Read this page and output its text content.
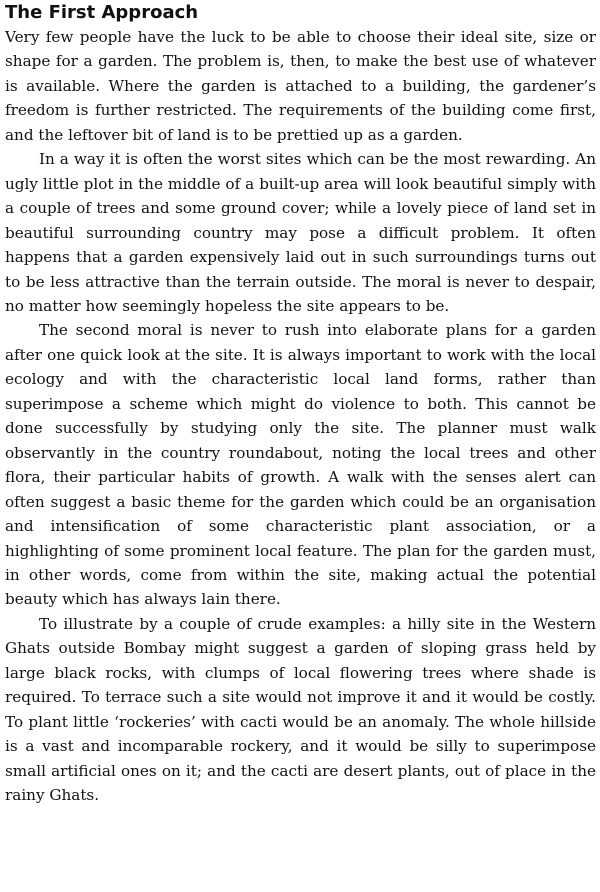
The First Approach

Very few people have the luck to be able to choose their ideal site, size or shape for a garden. The problem is, then, to make the best use of whatever is available. Where the garden is attached to a building, the gardener’s freedom is further restricted. The requirements of the building come first, and the leftover bit of land is to be prettied up as a garden.

In a way it is often the worst sites which can be the most rewarding. An ugly little plot in the middle of a built-up area will look beautiful simply with a couple of trees and some ground cover; while a lovely piece of land set in beautiful surrounding country may pose a difficult problem. It often happens that a garden expensively laid out in such surroundings turns out to be less attractive than the terrain outside. The moral is never to despair, no matter how seemingly hopeless the site appears to be.

The second moral is never to rush into elaborate plans for a garden after one quick look at the site. It is always important to work with the local ecology and with the characteristic local land forms, rather than superimpose a scheme which might do violence to both. This cannot be done successfully by studying only the site. The planner must walk observantly in the country roundabout, noting the local trees and other flora, their particular habits of growth. A walk with the senses alert can often suggest a basic theme for the garden which could be an organisation and intensification of some characteristic plant association, or a highlighting of some prominent local feature. The plan for the garden must, in other words, come from within the site, making actual the potential beauty which has always lain there.

To illustrate by a couple of crude examples: a hilly site in the Western Ghats outside Bombay might suggest a garden of sloping grass held by large black rocks, with clumps of local flowering trees where shade is required. To terrace such a site would not improve it and it would be costly. To plant little ‘rockeries’ with cacti would be an anomaly. The whole hillside is a vast and incomparable rockery, and it would be silly to superimpose small artificial ones on it; and the cacti are desert plants, out of place in the rainy Ghats.
